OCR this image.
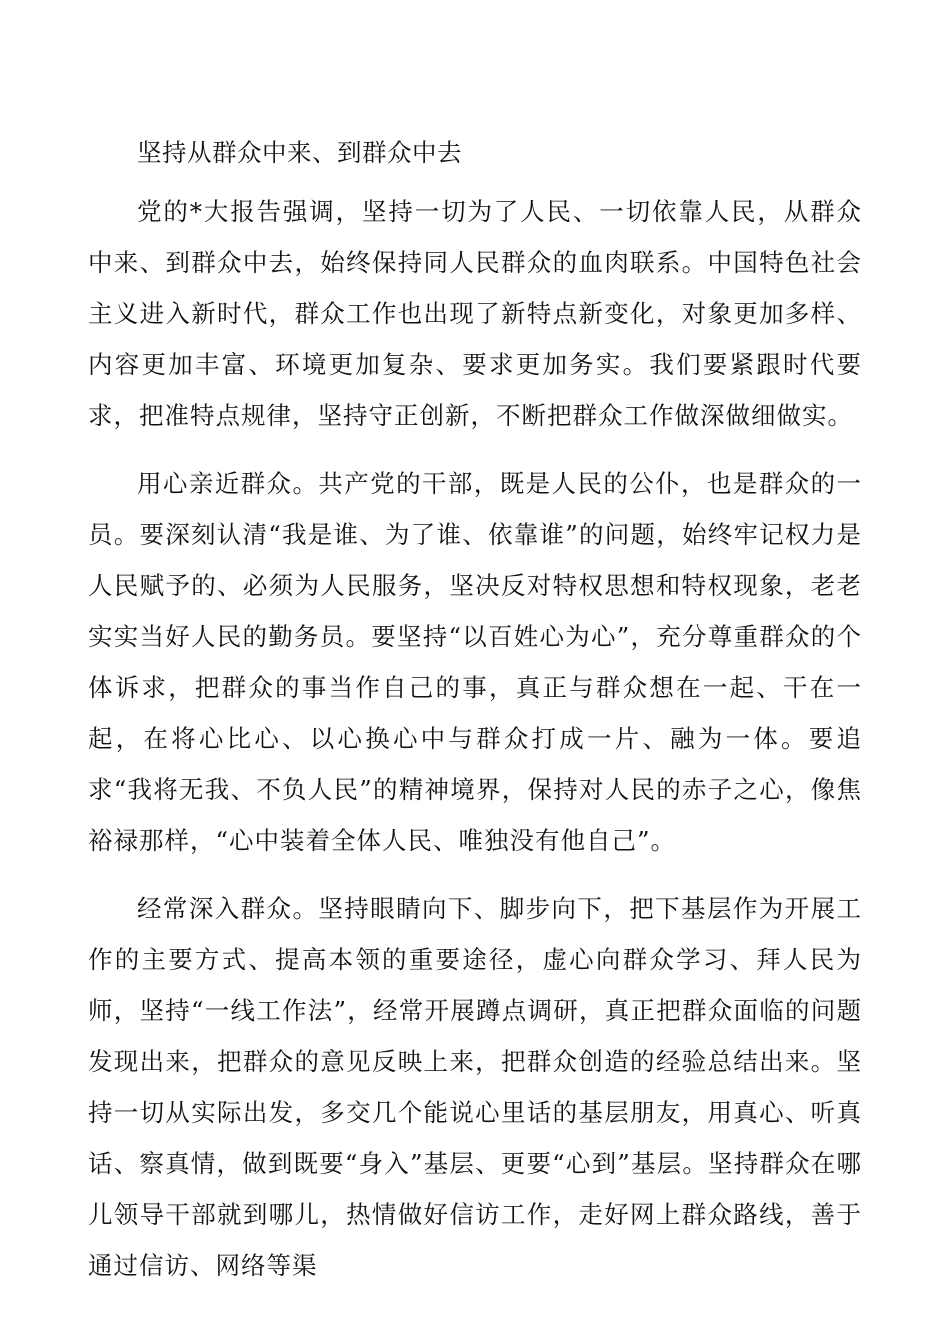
坚持从群众中来、到群众中去

党的*大报告强调，坚持一切为了人民、一切依靠人民，从群众中来、到群众中去，始终保持同人民群众的血肉联系。中国特色社会主义进入新时代，群众工作也出现了新特点新变化，对象更加多样、内容更加丰富、环境更加复杂、要求更加务实。我们要紧跟时代要求，把准特点规律，坚持守正创新，不断把群众工作做深做细做实。

用心亲近群众。共产党的干部，既是人民的公仆，也是群众的一员。要深刻认清“我是谁、为了谁、依靠谁”的问题，始终牢记权力是人民赋予的、必须为人民服务，坚决反对特权思想和特权现象，老老实实当好人民的勤务员。要坚持“以百姓心为心”，充分尊重群众的个体诉求，把群众的事当作自己的事，真正与群众想在一起、干在一起，在将心比心、以心换心中与群众打成一片、融为一体。要追求“我将无我、不负人民”的精神境界，保持对人民的赤子之心，像焦裕禄那样，“心中装着全体人民、唯独没有他自己”。

经常深入群众。坚持眼睛向下、脚步向下，把下基层作为开展工作的主要方式、提高本领的重要途径，虚心向群众学习、拜人民为师，坚持“一线工作法”，经常开展蹲点调研，真正把群众面临的问题发现出来，把群众的意见反映上来，把群众创造的经验总结出来。坚持一切从实际出发，多交几个能说心里话的基层朋友，用真心、听真话、察真情，做到既要“身入”基层、更要“心到”基层。坚持群众在哪儿领导干部就到哪儿，热情做好信访工作，走好网上群众路线，善于通过信访、网络等渠
